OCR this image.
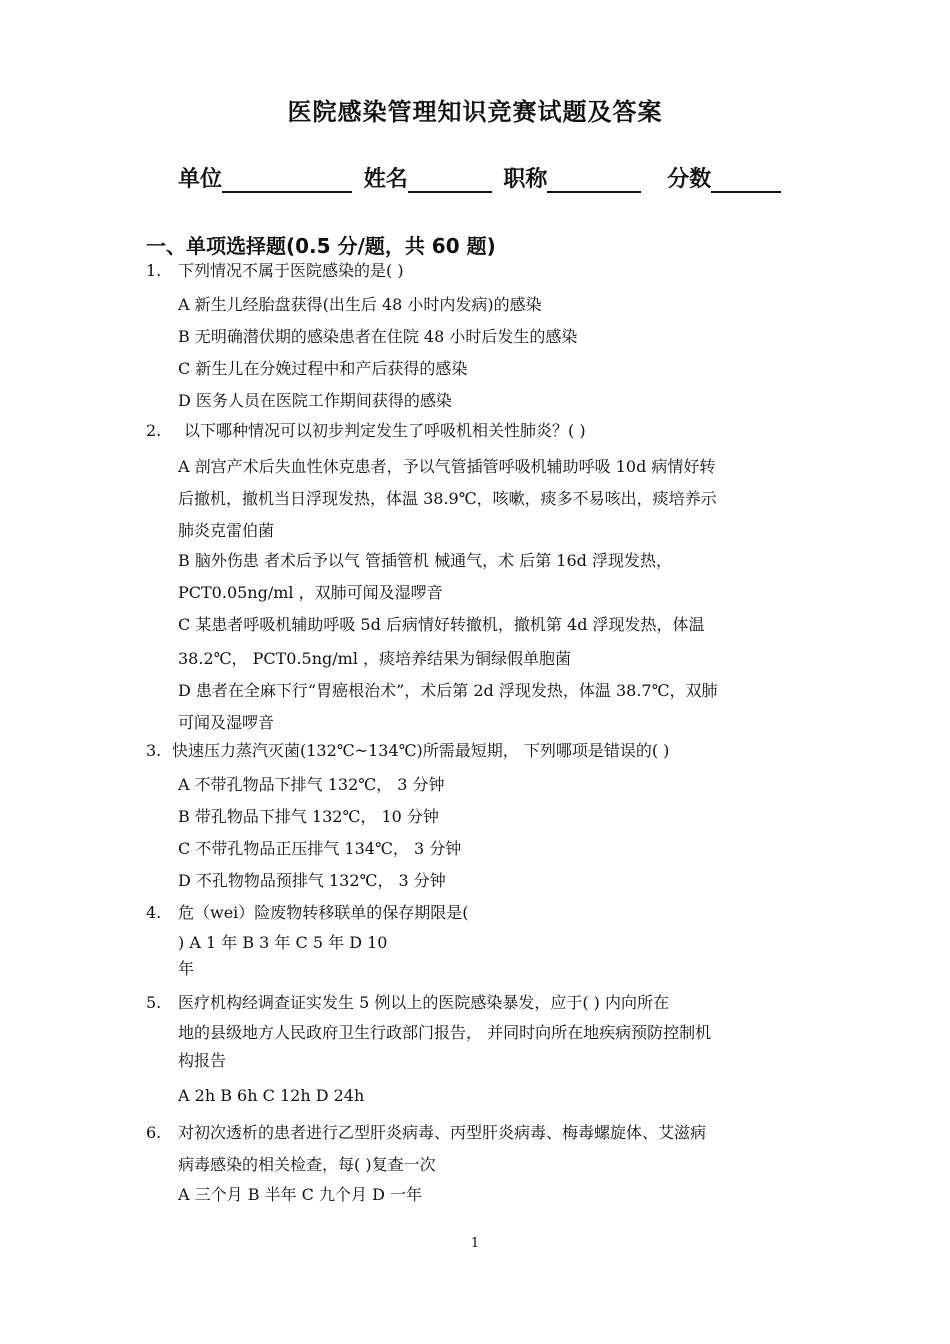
医院感染管理知识竞赛试题及答案
单位	姓名	职称	分数
一、单项选择题(0.5 分/题，共 60 题)
1. 下列情况不属于医院感染的是( )
A 新生儿经胎盘获得(出生后 48 小时内发病)的感染
B 无明确潜伏期的感染患者在住院 48 小时后发生的感染
C 新生儿在分娩过程中和产后获得的感染
D 医务人员在医院工作期间获得的感染
2. 以下哪种情况可以初步判定发生了呼吸机相关性肺炎？( )
A 剖宫产术后失血性休克患者，予以气管插管呼吸机辅助呼吸 10d 病情好转
后撤机，撤机当日浮现发热，体温 38.9℃，咳嗽，痰多不易咳出，痰培养示
肺炎克雷伯菌
B 脑外伤患 者术后予以气 管插管机 械通气，术 后第 16d 浮现发热，
PCT0.05ng/ml ，双肺可闻及湿啰音
C 某患者呼吸机辅助呼吸 5d 后病情好转撤机，撤机第 4d 浮现发热，体温
38.2℃， PCT0.5ng/ml ，痰培养结果为铜绿假单胞菌
D 患者在全麻下行“胃癌根治术”，术后第 2d 浮现发热，体温 38.7℃，双肺
可闻及湿啰音
3. 快速压力蒸汽灭菌(132℃~134℃)所需最短期， 下列哪项是错误的( )
A 不带孔物品下排气 132℃， 3 分钟
B 带孔物品下排气 132℃， 10 分钟
C 不带孔物品正压排气 134℃， 3 分钟
D 不孔物物品预排气 132℃， 3 分钟
4. 危（wei）险废物转移联单的保存期限是(
) A 1 年 B 3 年 C 5 年 D 10
年
5. 医疗机构经调查证实发生 5 例以上的医院感染暴发，应于( ) 内向所在
地的县级地方人民政府卫生行政部门报告， 并同时向所在地疾病预防控制机
构报告
A 2h B 6h C 12h D 24h
6. 对初次透析的患者进行乙型肝炎病毒、丙型肝炎病毒、梅毒螺旋体、艾滋病
病毒感染的相关检查，每( )复查一次
A 三个月 B 半年 C 九个月 D 一年
1
